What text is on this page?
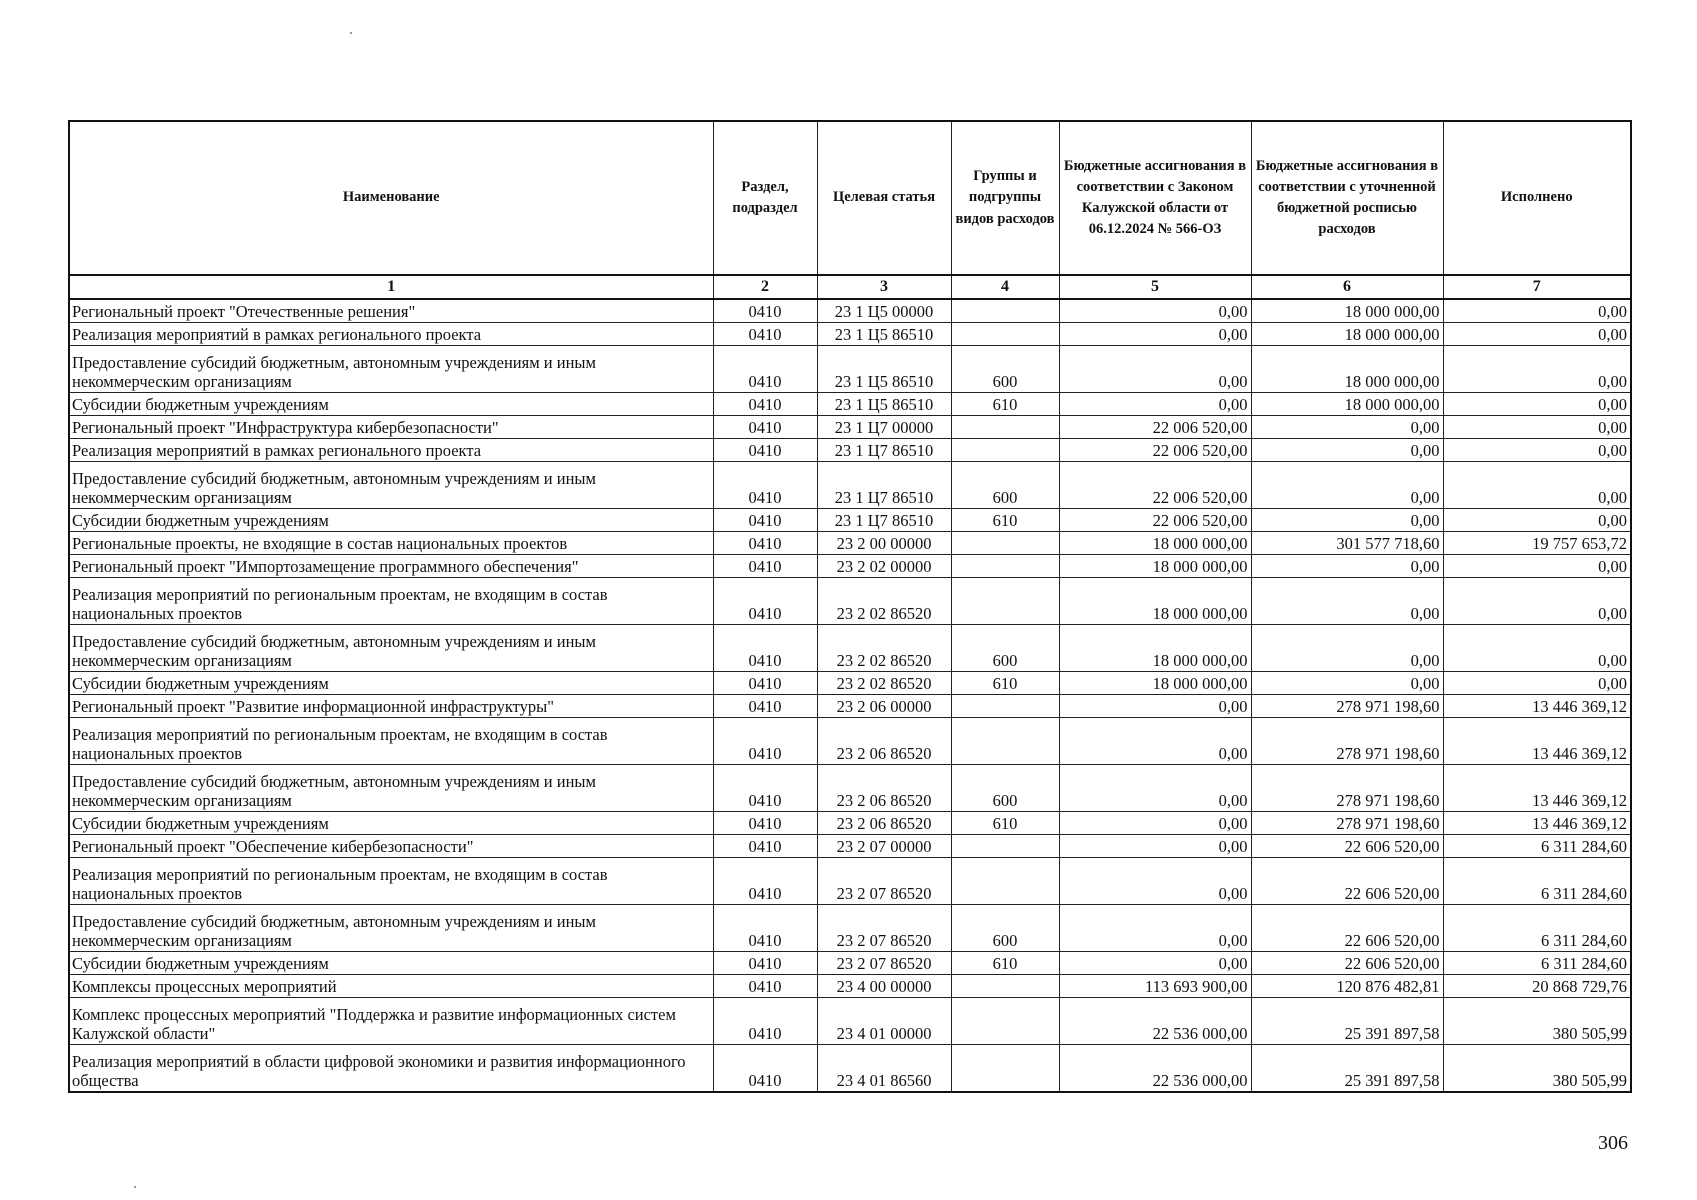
Наименование	Раздел, подраздел	Целевая статья	Группы и подгруппы видов расходов	Бюджетные ассигнования в соответствии с Законом Калужской области от 06.12.2024 № 566-ОЗ	Бюджетные ассигнования в соответствии с уточненной бюджетной росписью расходов	Исполнено
1	2	3	4	5	6	7
Региональный проект "Отечественные решения"	0410	23 1 Ц5 00000		0,00	18 000 000,00	0,00
Реализация мероприятий в рамках регионального проекта	0410	23 1 Ц5 86510		0,00	18 000 000,00	0,00
Предоставление субсидий бюджетным, автономным учреждениям и иным некоммерческим организациям	0410	23 1 Ц5 86510	600	0,00	18 000 000,00	0,00
Субсидии бюджетным учреждениям	0410	23 1 Ц5 86510	610	0,00	18 000 000,00	0,00
Региональный проект "Инфраструктура кибербезопасности"	0410	23 1 Ц7 00000		22 006 520,00	0,00	0,00
Реализация мероприятий в рамках регионального проекта	0410	23 1 Ц7 86510		22 006 520,00	0,00	0,00
Предоставление субсидий бюджетным, автономным учреждениям и иным некоммерческим организациям	0410	23 1 Ц7 86510	600	22 006 520,00	0,00	0,00
Субсидии бюджетным учреждениям	0410	23 1 Ц7 86510	610	22 006 520,00	0,00	0,00
Региональные проекты, не входящие в состав национальных проектов	0410	23 2 00 00000		18 000 000,00	301 577 718,60	19 757 653,72
Региональный проект "Импортозамещение программного обеспечения"	0410	23 2 02 00000		18 000 000,00	0,00	0,00
Реализация мероприятий по региональным проектам, не входящим в состав национальных проектов	0410	23 2 02 86520		18 000 000,00	0,00	0,00
Предоставление субсидий бюджетным, автономным учреждениям и иным некоммерческим организациям	0410	23 2 02 86520	600	18 000 000,00	0,00	0,00
Субсидии бюджетным учреждениям	0410	23 2 02 86520	610	18 000 000,00	0,00	0,00
Региональный проект "Развитие информационной инфраструктуры"	0410	23 2 06 00000		0,00	278 971 198,60	13 446 369,12
Реализация мероприятий по региональным проектам, не входящим в состав национальных проектов	0410	23 2 06 86520		0,00	278 971 198,60	13 446 369,12
Предоставление субсидий бюджетным, автономным учреждениям и иным некоммерческим организациям	0410	23 2 06 86520	600	0,00	278 971 198,60	13 446 369,12
Субсидии бюджетным учреждениям	0410	23 2 06 86520	610	0,00	278 971 198,60	13 446 369,12
Региональный проект "Обеспечение кибербезопасности"	0410	23 2 07 00000		0,00	22 606 520,00	6 311 284,60
Реализация мероприятий по региональным проектам, не входящим в состав национальных проектов	0410	23 2 07 86520		0,00	22 606 520,00	6 311 284,60
Предоставление субсидий бюджетным, автономным учреждениям и иным некоммерческим организациям	0410	23 2 07 86520	600	0,00	22 606 520,00	6 311 284,60
Субсидии бюджетным учреждениям	0410	23 2 07 86520	610	0,00	22 606 520,00	6 311 284,60
Комплексы процессных мероприятий	0410	23 4 00 00000		113 693 900,00	120 876 482,81	20 868 729,76
Комплекс процессных мероприятий "Поддержка и развитие информационных систем Калужской области"	0410	23 4 01 00000		22 536 000,00	25 391 897,58	380 505,99
Реализация мероприятий в области цифровой экономики и развития информационного общества	0410	23 4 01 86560		22 536 000,00	25 391 897,58	380 505,99
306
